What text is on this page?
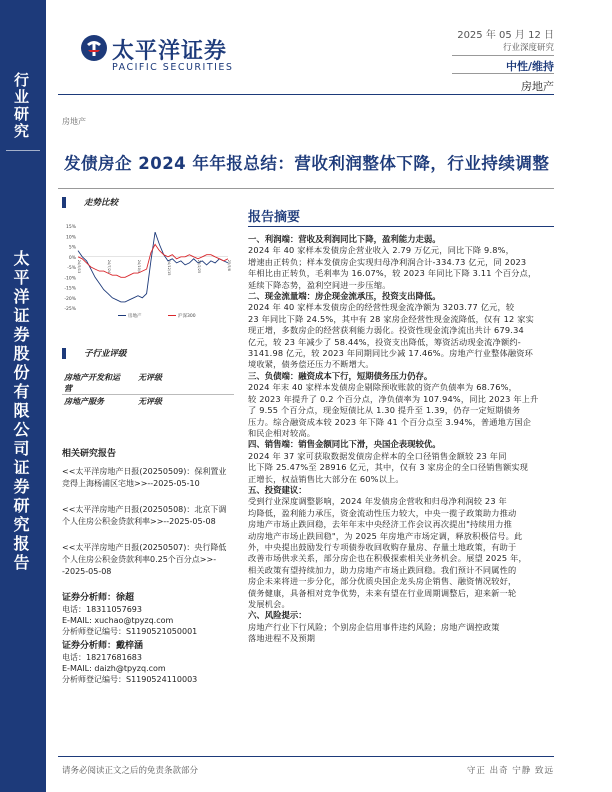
行业研究
太平洋证券股份有限公司证券研究报告
太平洋证券
PACIFIC SECURITIES
2025 年 05 月 12 日
行业深度研究
中性/维持
房地产
房地产
发债房企 2024 年年报总结：营收利润整体下降，行业持续调整
走势比较
15%
10%
5%
0%
-5%
-10%
-15%
-20%
-25%
24/5/13	24/7/24	24/10/4	24/12/15	25/2/25	25/5/8
房地产	沪深300
子行业评级
房地产开发和运营
无评级
房地产服务	无评级
相关研究报告
<<太平洋房地产日报(20250509)：保利置业竞得上海杨浦区宅地>>--2025-05-10
<<太平洋房地产日报(20250508)：北京下调个人住房公积金贷款利率>>--2025-05-08
<<太平洋房地产日报(20250507)：央行降低个人住房公积金贷款利率0.25个百分点>>--2025-05-08
证券分析师：徐超
电话：18311057693
E-MAIL: xuchao@tpyzq.com
分析师登记编号：S1190521050001
证券分析师：戴梓涵
电话：18217681683
E-MAIL: daizh@tpyzq.com
分析师登记编号：S1190524110003
报告摘要
一、利润端：营收及利润同比下降，盈利能力走弱。
2024 年 40 家样本发债房企营业收入 2.79 万亿元，同比下降 9.8%，
增速由正转负；样本发债房企实现归母净利润合计-334.73 亿元，同 2023
年相比由正转负，毛利率为 16.07%，较 2023 年同比下降 3.11 个百分点，
延续下降态势，盈利空间进一步压缩。
二、现金流量端：房企现金流承压，投资支出降低。
2024 年 40 家样本发债房企的经营性现金流净额为 3203.77 亿元，较
23 年同比下降 24.5%，其中有 28 家房企经营性现金流降低，仅有 12 家实
现正增，多数房企的经营获利能力弱化。投资性现金流净流出共计 679.34
亿元，较 23 年减少了 58.44%，投资支出降低，筹资活动现金流净额约-
3141.98 亿元，较 2023 年同期同比少减 17.46%。房地产行业整体融资环
境收紧，债务偿还压力不断增大。
三、负债端：融资成本下行，短期债务压力仍存。
2024 年末 40 家样本发债房企剔除预收账款的资产负债率为 68.76%，
较 2023 年提升了 0.2 个百分点，净负债率为 107.94%，同比 2023 年上升
了 9.55 个百分点，现金短债比从 1.30 提升至 1.39，仍存一定短期债务
压力。综合融资成本较 2023 年下降 41 个百分点至 3.94%，普通地方国企
和民企相对较高。
四、销售端：销售金额同比下滑，央国企表现较优。
2024 年 37 家可获取数据发债房企样本的全口径销售金额较 23 年同
比下降 25.47%至 28916 亿元，其中，仅有 3 家房企的全口径销售额实现
正增长，权益销售比大部分在 60%以上。
五、投资建议：
受到行业深度调整影响，2024 年发债房企营收和归母净利润较 23 年
均降低，盈利能力承压，资金流动性压力较大，中央一揽子政策助力推动
房地产市场止跌回稳，去年年末中央经济工作会议再次提出"持续用力推
动房地产市场止跌回稳"，为 2025 年房地产市场定调，释放积极信号。此
外，中央提出鼓励发行专项债券收回收购存量房、存量土地政策，有助于
改善市场供求关系，部分房企也在积极探索相关业务机会。展望 2025 年，
相关政策有望持续加力，助力房地产市场止跌回稳。我们预计不同属性的
房企未来将进一步分化，部分优质央国企龙头房企销售、融资情况较好，
债务健康，具备相对竞争优势，未来有望在行业周期调整后，迎来新一轮
发展机会。
六、风险提示：
房地产行业下行风险；个别房企信用事件违约风险；房地产调控政策
落地进程不及预期
请务必阅读正文之后的免责条款部分	守正 出奇 宁静 致远
